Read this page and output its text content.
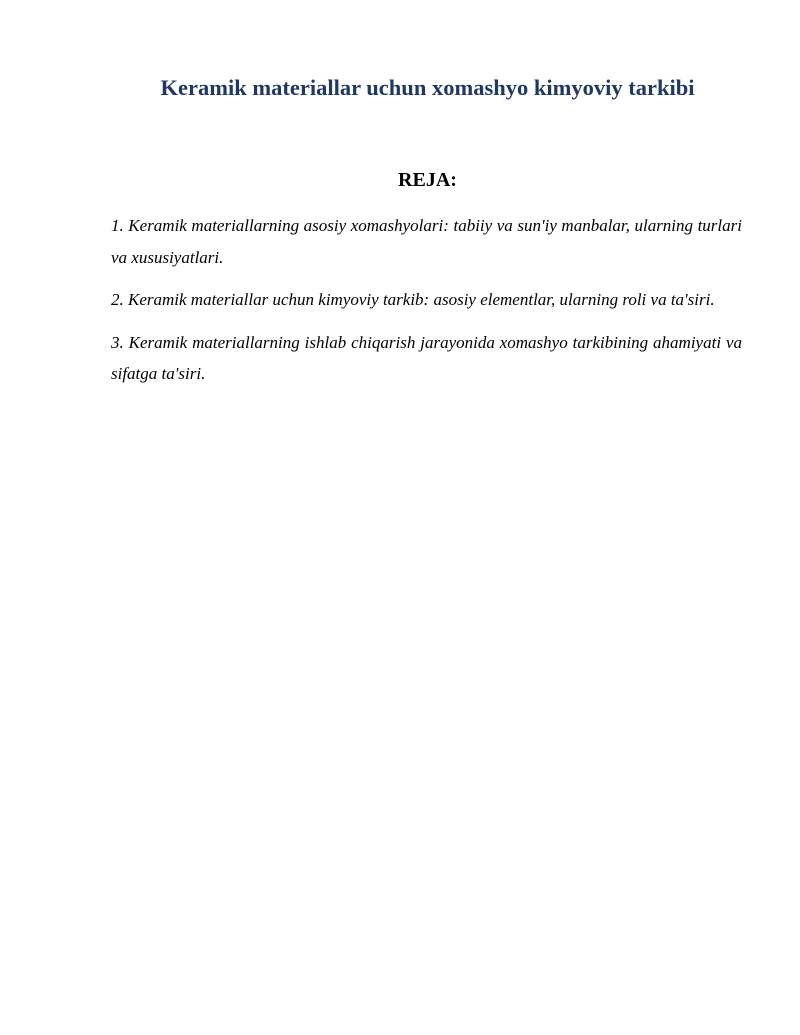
Keramik materiallar uchun xomashyo kimyoviy tarkibi
REJA:
1. Keramik materiallarning asosiy xomashyolari: tabiiy va sun'iy manbalar, ularning turlari va xususiyatlari.
2. Keramik materiallar uchun kimyoviy tarkib: asosiy elementlar, ularning roli va ta'siri.
3. Keramik materiallarning ishlab chiqarish jarayonida xomashyo tarkibining ahamiyati va sifatga ta'siri.
